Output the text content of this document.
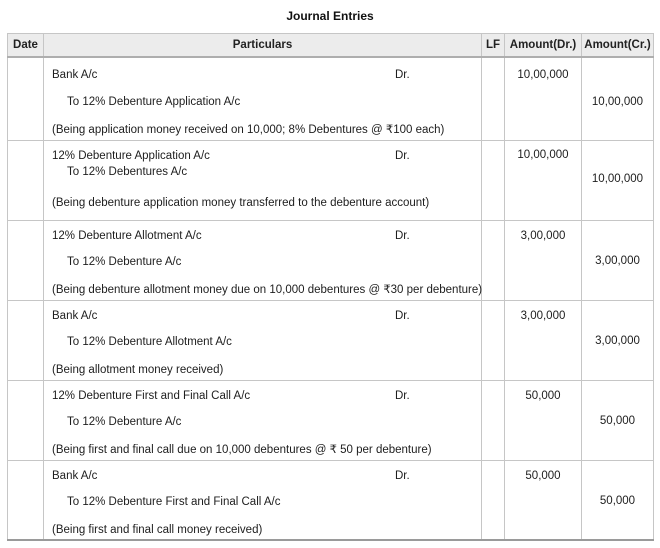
Journal Entries
Date	Particulars	LF	Amount(Dr.)	Amount(Cr.)

	Bank A/c Dr.
To 12% Debenture Application A/c
(Being application money received on 10,000; 8% Debentures @ ₹100 each)		10,00,000	10,00,000

	12% Debenture Application A/c Dr.
To 12% Debentures A/c
(Being debenture application money transferred to the debenture account)		10,00,000	10,00,000

	12% Debenture Allotment A/c Dr.
To 12% Debenture A/c
(Being debenture allotment money due on 10,000 debentures @ ₹30 per debenture)		3,00,000	3,00,000

	Bank A/c Dr.
To 12% Debenture Allotment A/c
(Being allotment money received)		3,00,000	3,00,000

	12% Debenture First and Final Call A/c Dr.
To 12% Debenture A/c
(Being first and final call due on 10,000 debentures @ ₹ 50 per debenture)		50,000	50,000

	Bank A/c Dr.
To 12% Debenture First and Final Call A/c
(Being first and final call money received)		50,000	50,000
